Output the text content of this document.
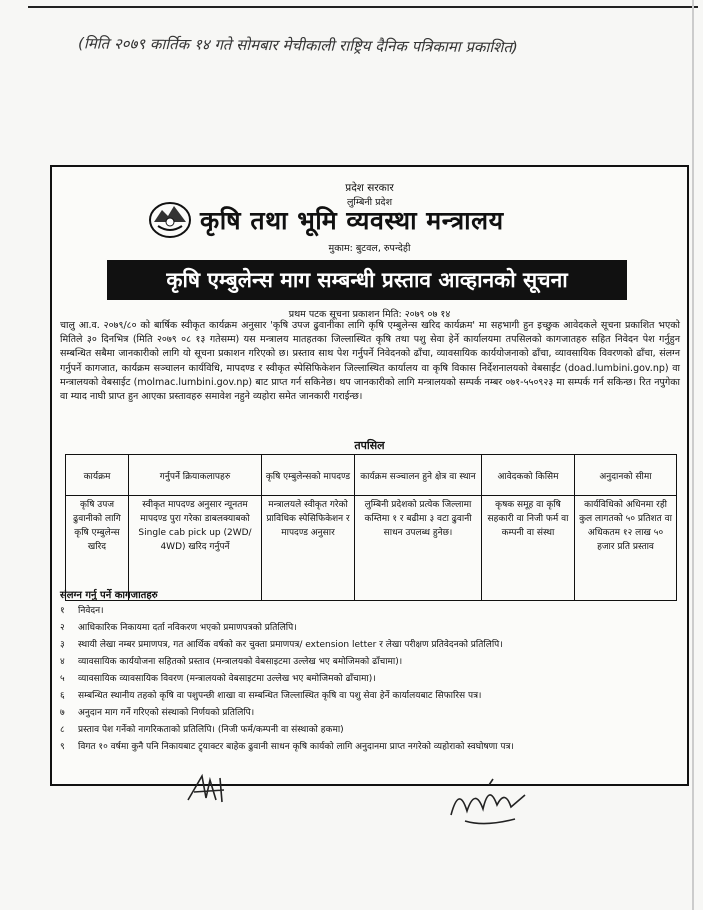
(मिति २०७९ कार्तिक १४ गते सोमबार मेचीकाली राष्ट्रिय दैनिक पत्रिकामा प्रकाशित)
प्रदेश सरकार
लुम्बिनी प्रदेश
कृषि तथा भूमि व्यवस्था मन्त्रालय
मुकाम: बुटवल, रुपन्देही
कृषि एम्बुलेन्स माग सम्बन्धी प्रस्ताव आव्हानको सूचना
प्रथम पटक सूचना प्रकाशन मिति: २०७९ ०७ १४
चालु आ.व. २०७९/८० को बार्षिक स्वीकृत कार्यक्रम अनुसार 'कृषि उपज ढुवानीका लागि कृषि एम्बुलेन्स खरिद कार्यक्रम' मा सहभागी हुन इच्छुक आवेदकले सूचना प्रकाशित भएको मितिले ३० दिनभित्र (मिति २०७९ ०८ १३ गतेसम्म) यस मन्त्रालय मातहतका जिल्लास्थित कृषि तथा पशु सेवा हेर्ने कार्यालयमा तपसिलको कागजातहरु सहित निवेदन पेश गर्नुहुन सम्बन्धित सबैमा जानकारीको लागि यो सूचना प्रकाशन गरिएको छ। प्रस्ताव साथ पेश गर्नुपर्ने निवेदनको ढाँचा, व्यावसायिक कार्ययोजनाको ढाँचा, व्यावसायिक विवरणको ढाँचा, संलग्न गर्नुपर्ने कागजात, कार्यक्रम सञ्चालन कार्यविधि, मापदण्ड र स्वीकृत स्पेसिफिकेशन जिल्लास्थित कार्यालय वा कृषि विकास निर्देशनालयको वेबसाईट (doad.lumbini.gov.np) वा मन्त्रालयको वेबसाईट (molmac.lumbini.gov.np) बाट प्राप्त गर्न सकिनेछ। थप जानकारीको लागि मन्त्रालयको सम्पर्क नम्बर ०७१-५५०९२३ मा सम्पर्क गर्न सकिन्छ। रित नपुगेका वा म्याद नाघी प्राप्त हुन आएका प्रस्तावहरु समावेश नहुने व्यहोरा समेत जानकारी गराईन्छ।
तपसिल
कार्यक्रम	गर्नुपर्ने क्रियाकलापहरु	कृषि एम्बुलेन्सको मापदण्ड	कार्यक्रम सञ्चालन हुने क्षेत्र वा स्थान	आवेदकको किसिम	अनुदानको सीमा
कृषि उपज ढुवानीको लागि कृषि एम्बुलेन्स खरिद	स्वीकृत मापदण्ड अनुसार न्यूनतम मापदण्ड पुरा गरेका डाबलक्याबको Single cab pick up (2WD/ 4WD) खरिद गर्नुपर्ने	मन्त्रालयले स्वीकृत गरेको प्राविधिक स्पेसिफिकेशन र मापदण्ड अनुसार	लुम्बिनी प्रदेशको प्रत्येक जिल्लामा कम्तिमा १ र बढीमा ३ वटा ढुवानी साधन उपलब्ध हुनेछ।	कृषक समूह वा कृषि सहकारी वा निजी फर्म वा कम्पनी वा संस्था	कार्यविधिको अधिनमा रही कुल लागतको ५० प्रतिशत वा अधिकतम १२ लाख ५० हजार प्रति प्रस्ताव
संलग्न गर्नु पर्ने कागजातहरु
१ निवेदन।
२ आधिकारिक निकायमा दर्ता नविकरण भएको प्रमाणपत्रको प्रतिलिपि।
३ स्थायी लेखा नम्बर प्रमाणपत्र, गत आर्थिक वर्षको कर चुक्ता प्रमाणपत्र/ extension letter र लेखा परीक्षण प्रतिवेदनको प्रतिलिपि।
४ व्यावसायिक कार्ययोजना सहितको प्रस्ताव (मन्त्रालयको वेबसाइटमा उल्लेख भए बमोजिमको ढाँचामा)।
५ व्यावसायिक व्यावसायिक विवरण (मन्त्रालयको वेबसाइटमा उल्लेख भए बमोजिमको ढाँचामा)।
६ सम्बन्धित स्थानीय तहको कृषि वा पशुपन्छी शाखा वा सम्बन्धित जिल्लास्थित कृषि वा पशु सेवा हेर्ने कार्यालयबाट सिफारिस पत्र।
७ अनुदान माग गर्ने गरिएको संस्थाको निर्णयको प्रतिलिपि।
८ प्रस्ताव पेश गर्नेको नागरिकताको प्रतिलिपि। (निजी फर्म/कम्पनी वा संस्थाको हकमा)
९ विगत १० वर्षमा कुनै पनि निकायबाट ट्र्याक्टर बाहेक ढुवानी साधन कृषि कार्यको लागि अनुदानमा प्राप्त नगरेको व्यहोराको स्वघोषणा पत्र।
